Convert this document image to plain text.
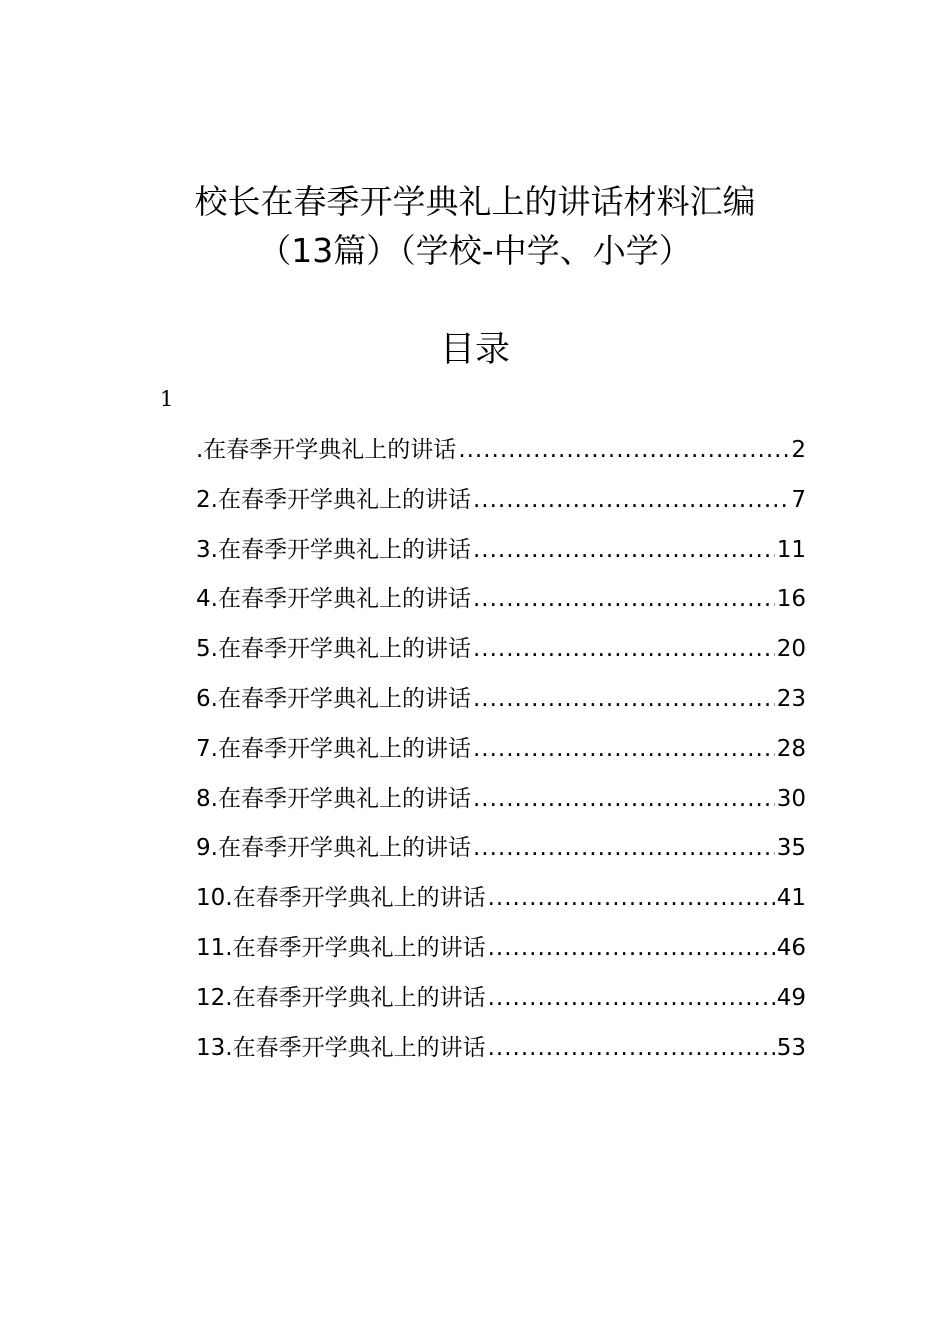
校长在春季开学典礼上的讲话材料汇编
（13篇）（学校-中学、小学）
目录
1
.在春季开学典礼上的讲话 .....	2
2.在春季开学典礼上的讲话 .....	7
3.在春季开学典礼上的讲话 .....	11
4.在春季开学典礼上的讲话 .....	16
5.在春季开学典礼上的讲话 .....	20
6.在春季开学典礼上的讲话 .....	23
7.在春季开学典礼上的讲话 .....	28
8.在春季开学典礼上的讲话 .....	30
9.在春季开学典礼上的讲话 .....	35
10.在春季开学典礼上的讲话 .....	41
11.在春季开学典礼上的讲话 .....	46
12.在春季开学典礼上的讲话 .....	49
13.在春季开学典礼上的讲话 .....	53
